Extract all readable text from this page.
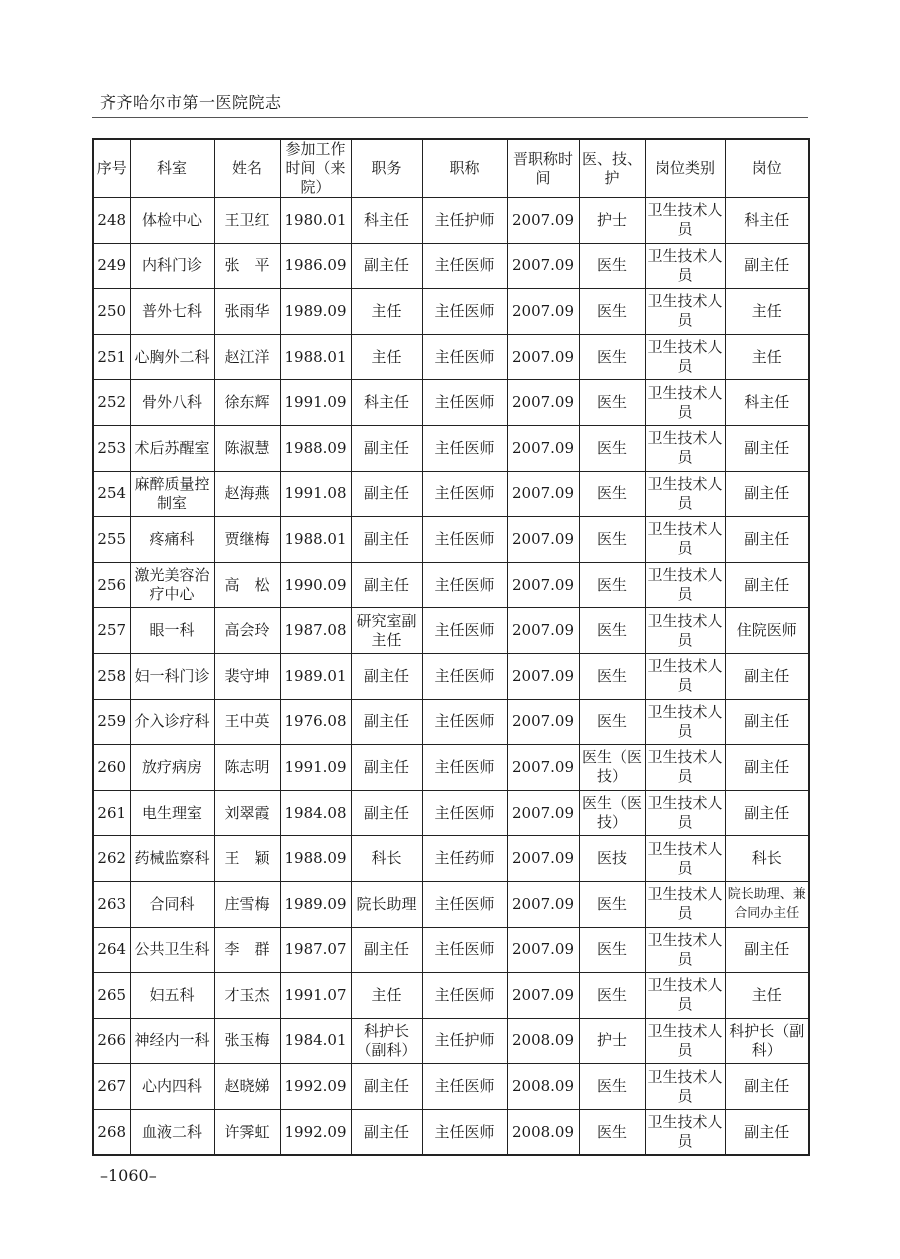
齐齐哈尔市第一医院院志
序号	科室	姓名	参加工作时间（来院）	职务	职称	晋职称时间	医、技、护	岗位类别	岗位
248	体检中心	王卫红	1980.01	科主任	主任护师	2007.09	护士	卫生技术人员	科主任
249	内科门诊	张　平	1986.09	副主任	主任医师	2007.09	医生	卫生技术人员	副主任
250	普外七科	张雨华	1989.09	主任	主任医师	2007.09	医生	卫生技术人员	主任
251	心胸外二科	赵江洋	1988.01	主任	主任医师	2007.09	医生	卫生技术人员	主任
252	骨外八科	徐东辉	1991.09	科主任	主任医师	2007.09	医生	卫生技术人员	科主任
253	术后苏醒室	陈淑慧	1988.09	副主任	主任医师	2007.09	医生	卫生技术人员	副主任
254	麻醉质量控制室	赵海燕	1991.08	副主任	主任医师	2007.09	医生	卫生技术人员	副主任
255	疼痛科	贾继梅	1988.01	副主任	主任医师	2007.09	医生	卫生技术人员	副主任
256	激光美容治疗中心	高　松	1990.09	副主任	主任医师	2007.09	医生	卫生技术人员	副主任
257	眼一科	高会玲	1987.08	研究室副主任	主任医师	2007.09	医生	卫生技术人员	住院医师
258	妇一科门诊	裴守坤	1989.01	副主任	主任医师	2007.09	医生	卫生技术人员	副主任
259	介入诊疗科	王中英	1976.08	副主任	主任医师	2007.09	医生	卫生技术人员	副主任
260	放疗病房	陈志明	1991.09	副主任	主任医师	2007.09	医生（医技）	卫生技术人员	副主任
261	电生理室	刘翠霞	1984.08	副主任	主任医师	2007.09	医生（医技）	卫生技术人员	副主任
262	药械监察科	王　颖	1988.09	科长	主任药师	2007.09	医技	卫生技术人员	科长
263	合同科	庄雪梅	1989.09	院长助理	主任医师	2007.09	医生	卫生技术人员	院长助理、兼合同办主任
264	公共卫生科	李　群	1987.07	副主任	主任医师	2007.09	医生	卫生技术人员	副主任
265	妇五科	才玉杰	1991.07	主任	主任医师	2007.09	医生	卫生技术人员	主任
266	神经内一科	张玉梅	1984.01	科护长（副科）	主任护师	2008.09	护士	卫生技术人员	科护长（副科）
267	心内四科	赵晓娣	1992.09	副主任	主任医师	2008.09	医生	卫生技术人员	副主任
268	血液二科	许霁虹	1992.09	副主任	主任医师	2008.09	医生	卫生技术人员	副主任
–1060–
